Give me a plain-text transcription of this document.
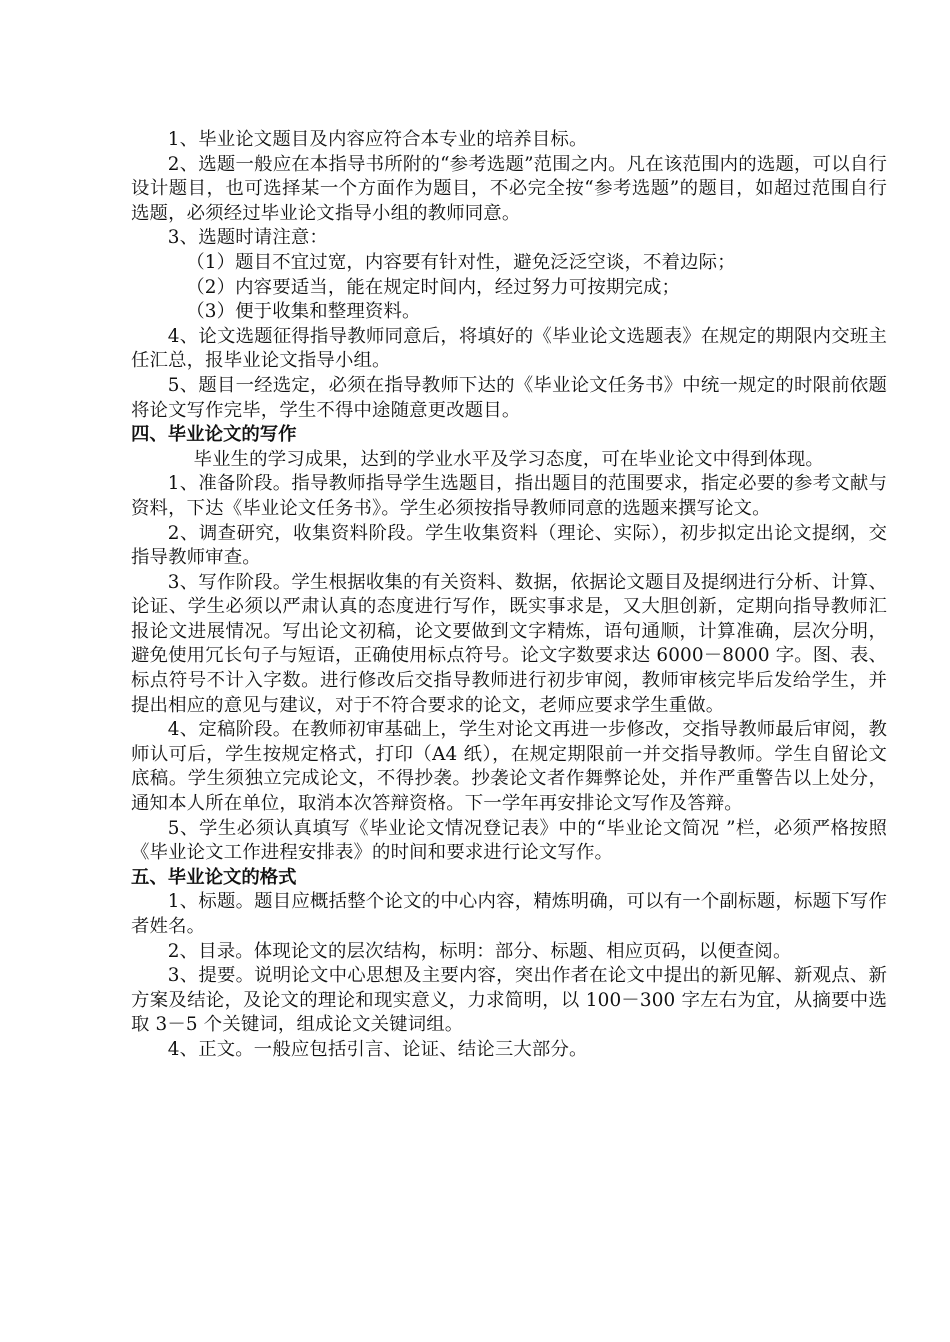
1、毕业论文题目及内容应符合本专业的培养目标。

2、选题一般应在本指导书所附的“参考选题”范围之内。凡在该范围内的选题，可以自行设计题目，也可选择某一个方面作为题目，不必完全按“参考选题”的题目，如超过范围自行选题，必须经过毕业论文指导小组的教师同意。

3、选题时请注意：

（1）题目不宜过宽，内容要有针对性，避免泛泛空谈，不着边际；

（2）内容要适当，能在规定时间内，经过努力可按期完成；

（3）便于收集和整理资料。

4、论文选题征得指导教师同意后，将填好的《毕业论文选题表》在规定的期限内交班主任汇总，报毕业论文指导小组。

5、题目一经选定，必须在指导教师下达的《毕业论文任务书》中统一规定的时限前依题将论文写作完毕，学生不得中途随意更改题目。

四、毕业论文的写作

毕业生的学习成果，达到的学业水平及学习态度，可在毕业论文中得到体现。

1、准备阶段。指导教师指导学生选题目，指出题目的范围要求，指定必要的参考文献与资料，下达《毕业论文任务书》。学生必须按指导教师同意的选题来撰写论文。

2、调查研究，收集资料阶段。学生收集资料（理论、实际），初步拟定出论文提纲，交指导教师审查。

3、写作阶段。学生根据收集的有关资料、数据，依据论文题目及提纲进行分析、计算、论证、学生必须以严肃认真的态度进行写作，既实事求是，又大胆创新，定期向指导教师汇报论文进展情况。写出论文初稿，论文要做到文字精炼，语句通顺，计算准确，层次分明，避免使用冗长句子与短语，正确使用标点符号。论文字数要求达 6000－8000 字。图、表、标点符号不计入字数。进行修改后交指导教师进行初步审阅，教师审核完毕后发给学生，并提出相应的意见与建议，对于不符合要求的论文，老师应要求学生重做。

4、定稿阶段。在教师初审基础上，学生对论文再进一步修改，交指导教师最后审阅，教师认可后，学生按规定格式，打印（A4 纸），在规定期限前一并交指导教师。学生自留论文底稿。学生须独立完成论文，不得抄袭。抄袭论文者作舞弊论处，并作严重警告以上处分，通知本人所在单位，取消本次答辩资格。下一学年再安排论文写作及答辩。

5、学生必须认真填写《毕业论文情况登记表》中的“毕业论文简况 ”栏，必须严格按照《毕业论文工作进程安排表》的时间和要求进行论文写作。

五、毕业论文的格式

1、标题。题目应概括整个论文的中心内容，精炼明确，可以有一个副标题，标题下写作者姓名。

2、目录。体现论文的层次结构，标明：部分、标题、相应页码，以便查阅。

3、提要。说明论文中心思想及主要内容，突出作者在论文中提出的新见解、新观点、新方案及结论，及论文的理论和现实意义，力求简明，以 100－300 字左右为宜，从摘要中选取 3－5 个关键词，组成论文关键词组。

4、正文。一般应包括引言、论证、结论三大部分。
